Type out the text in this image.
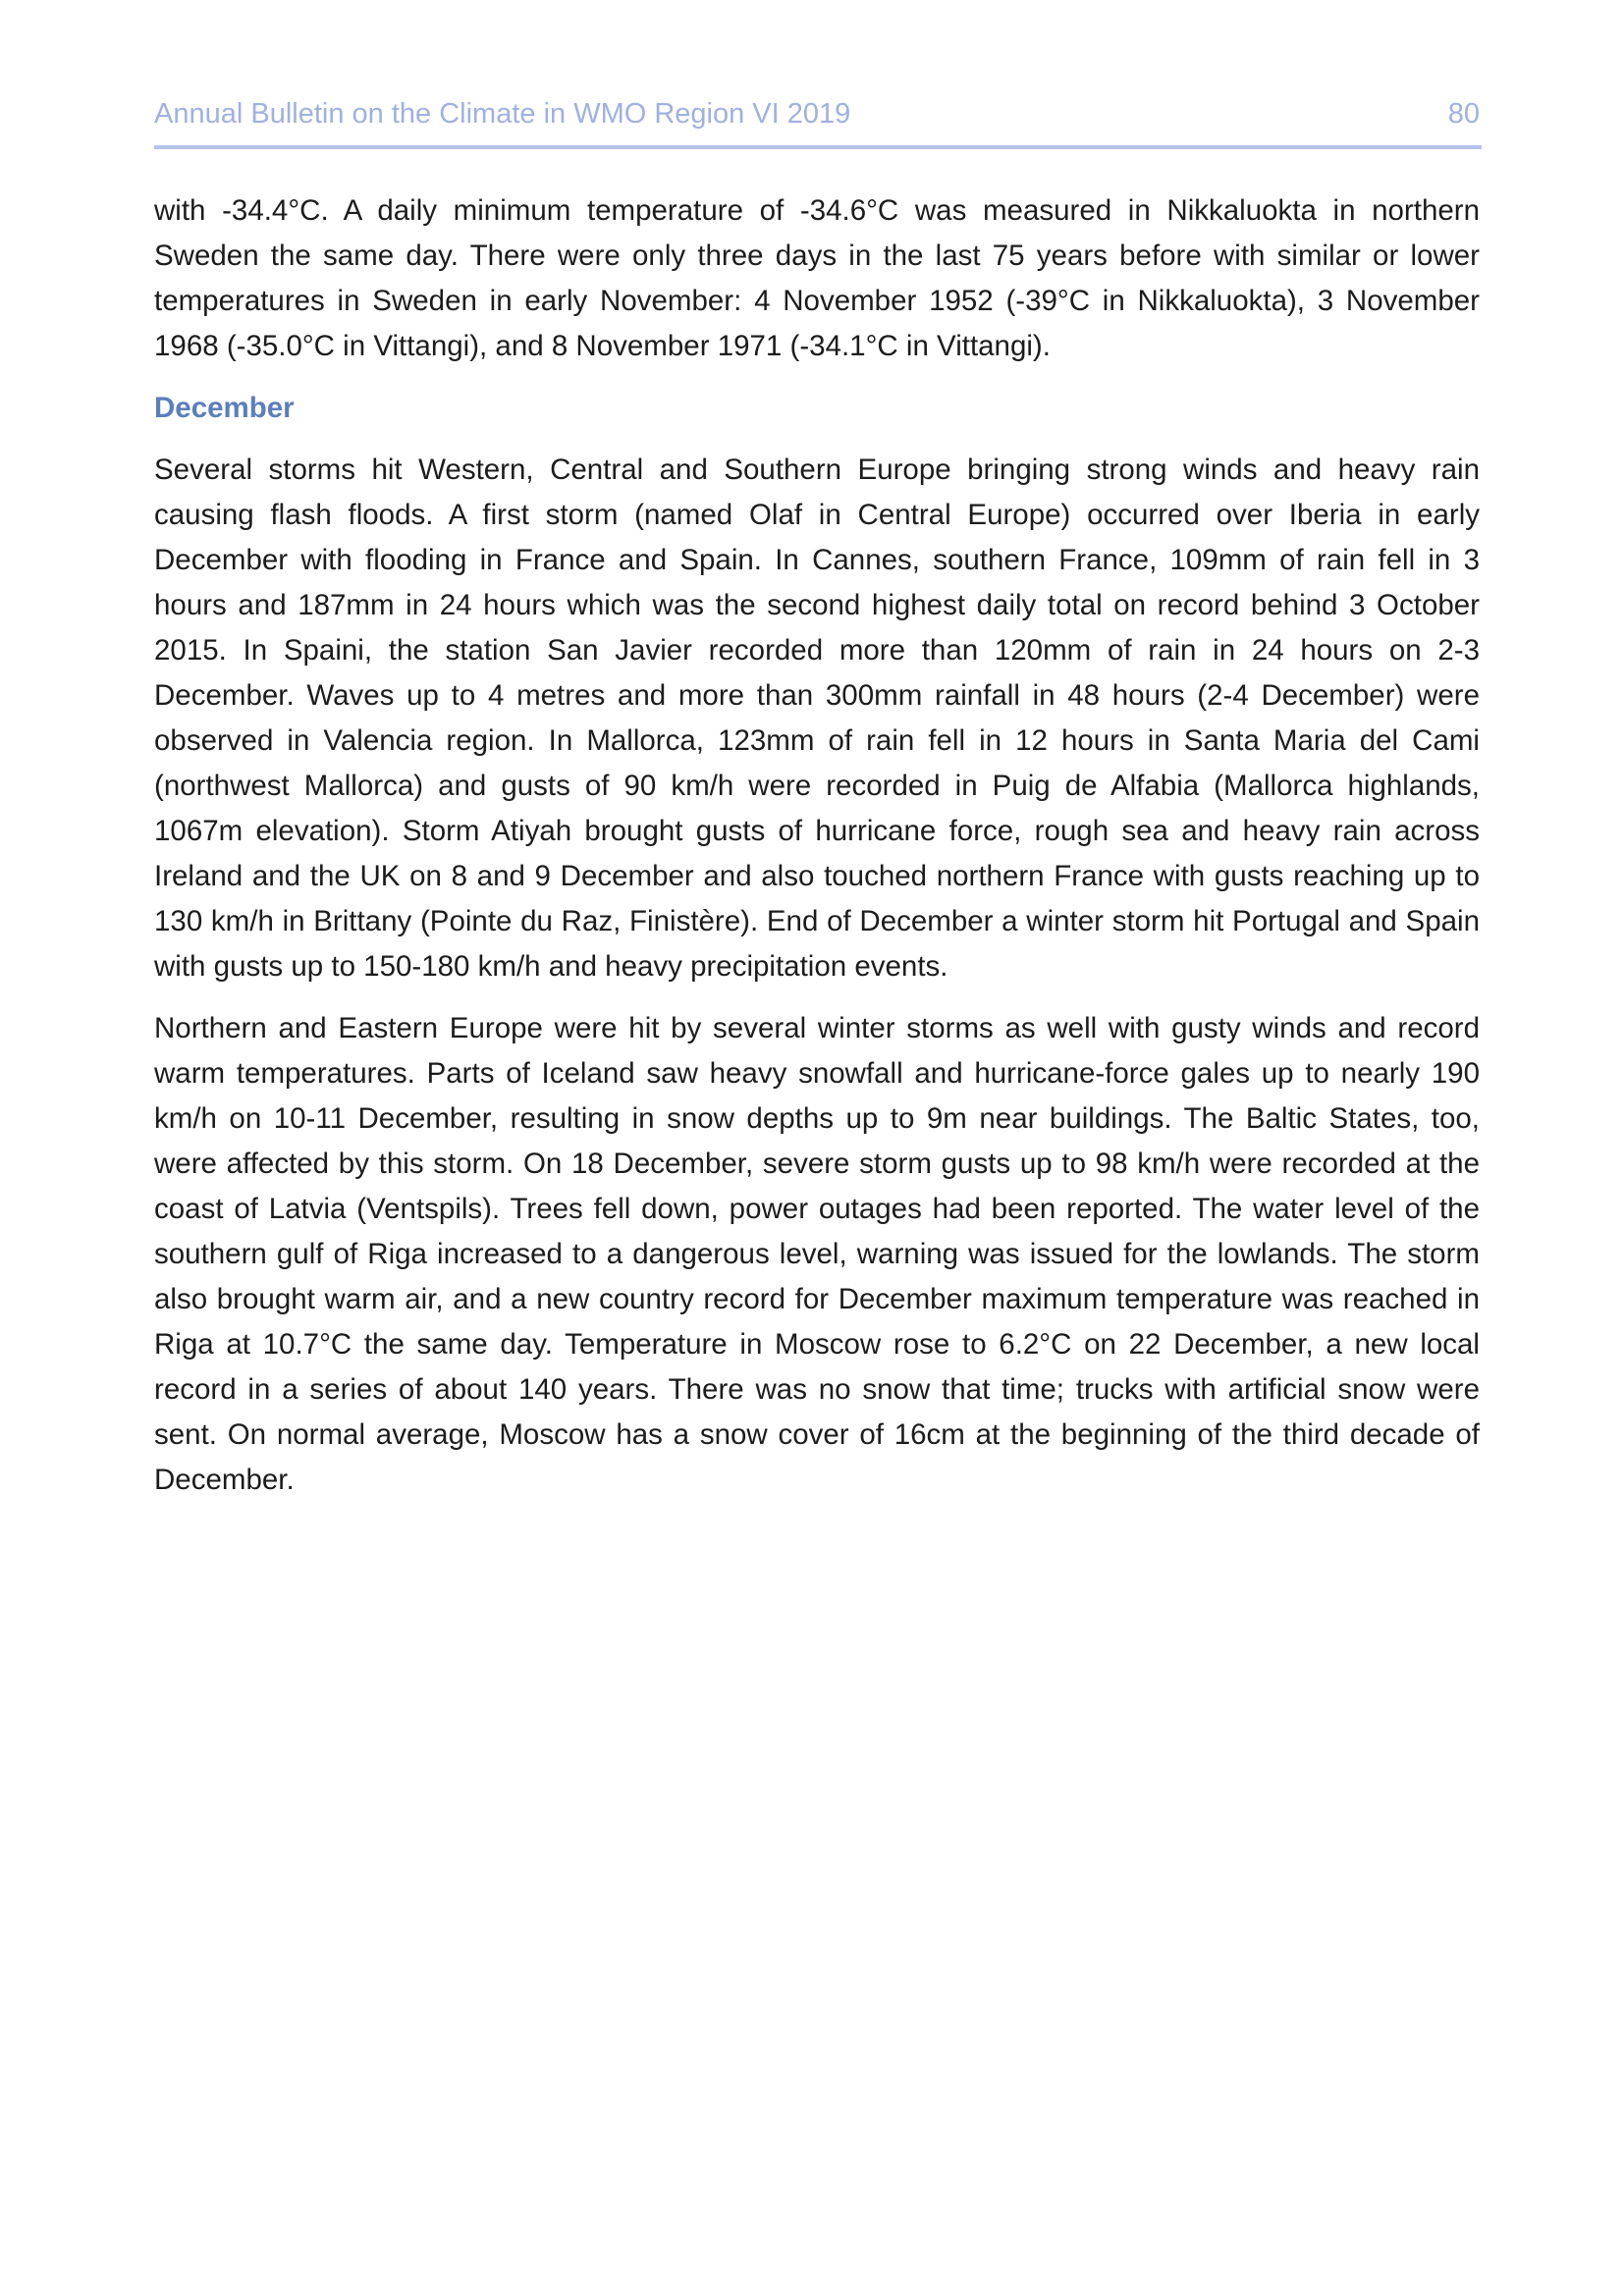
Annual Bulletin on the Climate in WMO Region VI 2019	80

with -34.4°C. A daily minimum temperature of -34.6°C was measured in Nikkaluokta in northern Sweden the same day. There were only three days in the last 75 years before with similar or lower temperatures in Sweden in early November: 4 November 1952 (-39°C in Nikkaluokta), 3 November 1968 (-35.0°C in Vittangi), and 8 November 1971 (-34.1°C in Vittangi).

December

Several storms hit Western, Central and Southern Europe bringing strong winds and heavy rain causing flash floods. A first storm (named Olaf in Central Europe) occurred over Iberia in early December with flooding in France and Spain. In Cannes, southern France, 109mm of rain fell in 3 hours and 187mm in 24 hours which was the second highest daily total on record behind 3 October 2015. In Spaini, the station San Javier recorded more than 120mm of rain in 24 hours on 2-3 December. Waves up to 4 metres and more than 300mm rainfall in 48 hours (2-4 December) were observed in Valencia region. In Mallorca, 123mm of rain fell in 12 hours in Santa Maria del Cami (northwest Mallorca) and gusts of 90 km/h were recorded in Puig de Alfabia (Mallorca highlands, 1067m elevation). Storm Atiyah brought gusts of hurricane force, rough sea and heavy rain across Ireland and the UK on 8 and 9 December and also touched northern France with gusts reaching up to 130 km/h in Brittany (Pointe du Raz, Finistère). End of December a winter storm hit Portugal and Spain with gusts up to 150-180 km/h and heavy precipitation events.

Northern and Eastern Europe were hit by several winter storms as well with gusty winds and record warm temperatures. Parts of Iceland saw heavy snowfall and hurricane-force gales up to nearly 190 km/h on 10-11 December, resulting in snow depths up to 9m near buildings. The Baltic States, too, were affected by this storm. On 18 December, severe storm gusts up to 98 km/h were recorded at the coast of Latvia (Ventspils). Trees fell down, power outages had been reported. The water level of the southern gulf of Riga increased to a dangerous level, warning was issued for the lowlands. The storm also brought warm air, and a new country record for December maximum temperature was reached in Riga at 10.7°C the same day. Temperature in Moscow rose to 6.2°C on 22 December, a new local record in a series of about 140 years. There was no snow that time; trucks with artificial snow were sent. On normal average, Moscow has a snow cover of 16cm at the beginning of the third decade of December.
